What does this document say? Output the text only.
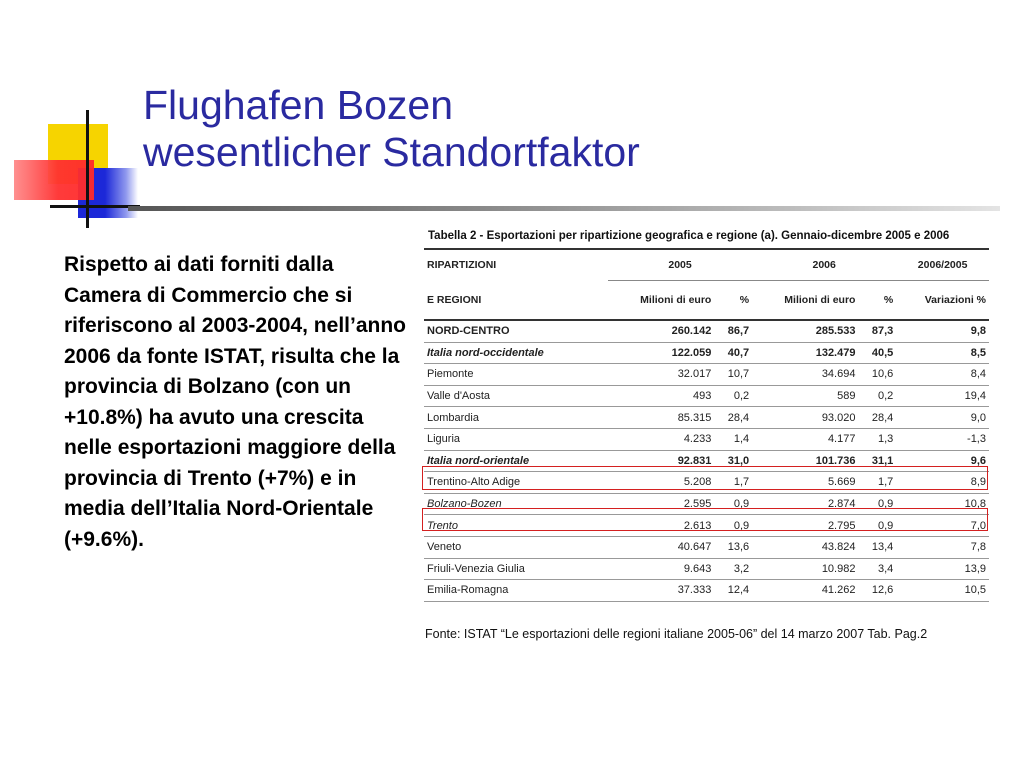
Flughafen Bozen
wesentlicher Standortfaktor

Rispetto ai dati forniti dalla Camera di Commercio che si riferiscono al 2003-2004, nell’anno 2006 da fonte ISTAT, risulta che la provincia di Bolzano (con un +10.8%) ha avuto una crescita nelle esportazioni maggiore della provincia di Trento (+7%) e in media dell’Italia Nord-Orientale (+9.6%).

Tabella 2 - Esportazioni per ripartizione geografica e regione (a). Gennaio-dicembre 2005 e 2006
RIPARTIZIONI	2005		2006		2006/2005
E REGIONI	Milioni di euro	%	Milioni di euro	%	Variazioni %
NORD-CENTRO	260.142	86,7	285.533	87,3	9,8
Italia nord-occidentale	122.059	40,7	132.479	40,5	8,5
Piemonte	32.017	10,7	34.694	10,6	8,4
Valle d'Aosta	493	0,2	589	0,2	19,4
Lombardia	85.315	28,4	93.020	28,4	9,0
Liguria	4.233	1,4	4.177	1,3	-1,3
Italia nord-orientale	92.831	31,0	101.736	31,1	9,6
Trentino-Alto Adige	5.208	1,7	5.669	1,7	8,9
Bolzano-Bozen	2.595	0,9	2.874	0,9	10,8
Trento	2.613	0,9	2.795	0,9	7,0
Veneto	40.647	13,6	43.824	13,4	7,8
Friuli-Venezia Giulia	9.643	3,2	10.982	3,4	13,9
Emilia-Romagna	37.333	12,4	41.262	12,6	10,5

Fonte: ISTAT “Le esportazioni delle regioni italiane 2005-06” del 14 marzo 2007 Tab. Pag.2
